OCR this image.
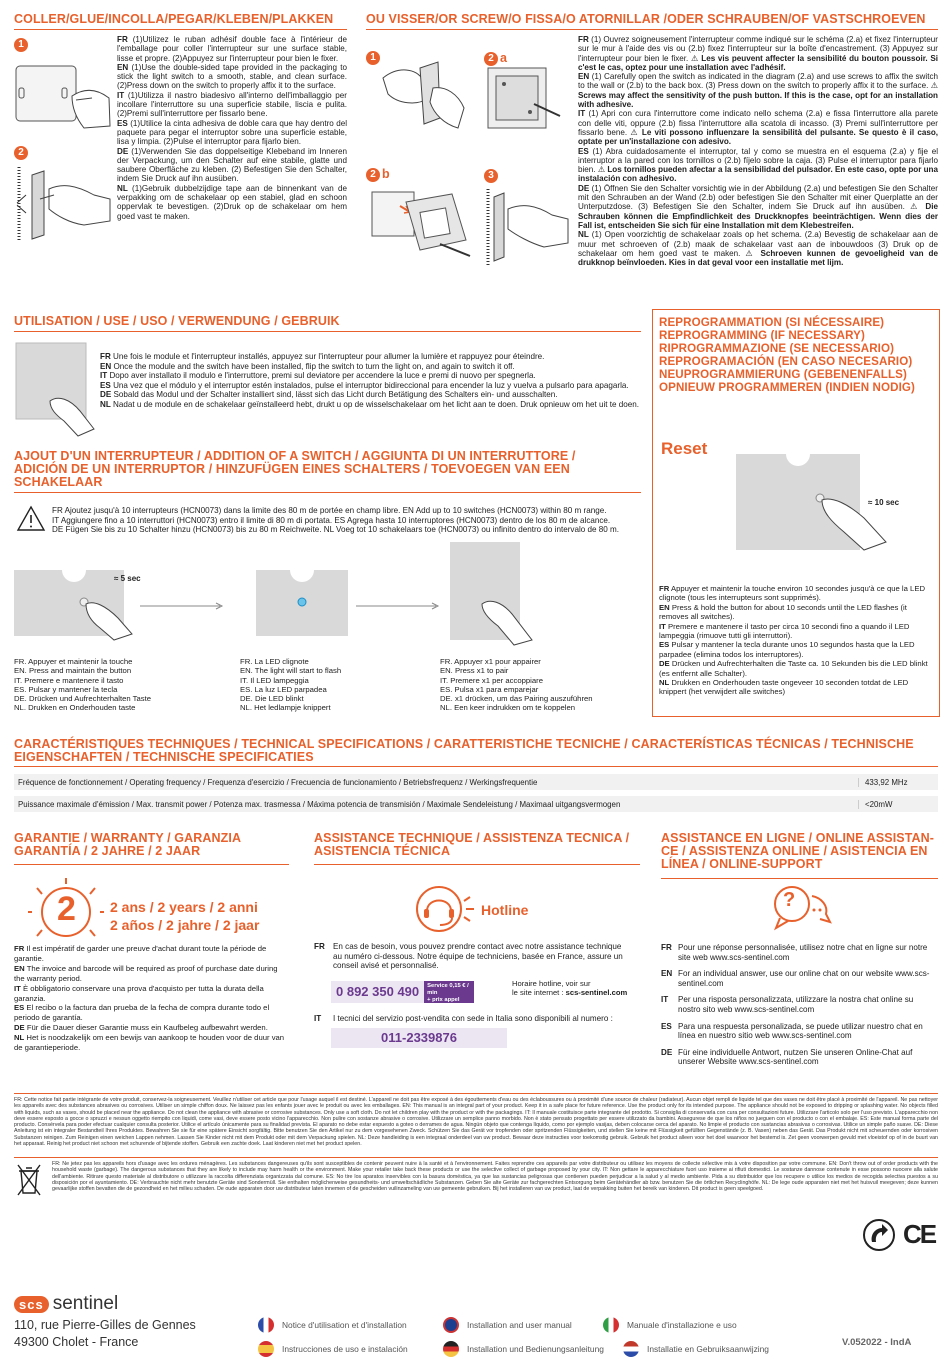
COLLER/GLUE/INCOLLA/PEGAR/KLEBEN/PLAKKEN
1
2
FR (1)Utilizez le ruban adhésif double face à l'intérieur de l'emballage pour coller l'interrupteur sur une surface stable, lisse et propre. (2)Appuyez sur l'interrupteur pour bien le fixer.
EN (1)Use the double-sided tape provided in the packaging to stick the light switch to a smooth, stable, and clean surface. (2)Press down on the switch to properly affix it to the surface.
IT (1)Utilizza il nastro biadesivo all'interno dell'imballaggio per incollare l'interruttore su una superficie stabile, liscia e pulita. (2)Premi sull'interruttore per fissarlo bene.
ES (1)Utilice la cinta adhesiva de doble cara que hay dentro del paquete para pegar el interruptor sobre una superficie estable, lisa y limpia. (2)Pulse el interruptor para fijarlo bien.
DE (1)Verwenden Sie das doppelseitige Klebeband im Inneren der Verpackung, um den Schalter auf eine stabile, glatte und saubere Oberfläche zu kleben. (2) Befestigen Sie den Schalter, indem Sie Druck auf ihn ausüben.
NL (1)Gebruik dubbelzijdige tape aan de binnenkant van de verpakking om de schakelaar op een stabiel, glad en schoon oppervlak te bevestigen. (2)Druk op de schakelaar om hem goed vast te maken.
OU VISSER/OR SCREW/O FISSA/O ATORNILLAR /ODER SCHRAUBEN/OF VASTSCHROEVEN
1	2 a
2 b	3
FR (1) Ouvrez soigneusement l'interrupteur comme indiqué sur le schéma (2.a) et fixez l'interrupteur sur le mur à l'aide des vis ou (2.b) fixez l'interrupteur sur la boîte d'encastrement. (3) Appuyez sur l'interrupteur pour bien le fixer. ⚠ Les vis peuvent affecter la sensibilité du bouton poussoir. Si c'est le cas, optez pour une installation avec l'adhésif.
EN (1) Carefully open the switch as indicated in the diagram (2.a) and use screws to affix the switch to the wall or (2.b) to the back box. (3) Press down on the switch to properly affix it to the surface. ⚠ Screws may affect the sensitivity of the push button. If this is the case, opt for an installation with adhesive.
IT (1) Apri con cura l'interruttore come indicato nello schema (2.a) e fissa l'interruttore alla parete con delle viti, oppure (2.b) fissa l'interruttore alla scatola di incasso. (3) Premi sull'interruttore per fissarlo bene. ⚠ Le viti possono influenzare la sensibilità del pulsante. Se questo è il caso, optate per un'installazione con adesivo.
ES (1) Abra cuidadosamente el interruptor, tal y como se muestra en el esquema (2.a) y fije el interruptor a la pared con los tornillos o (2.b) fíjelo sobre la caja. (3) Pulse el interruptor para fijarlo bien. ⚠ Los tornillos pueden afectar a la sensibilidad del pulsador. En este caso, opte por una instalación con adhesivo.
DE (1) Öffnen Sie den Schalter vorsichtig wie in der Abbildung (2.a) und befestigen Sie den Schalter mit den Schrauben an der Wand (2.b) oder befestigen Sie den Schalter mit einer Querplatte an der Unterputzdose. (3) Befestigen Sie den Schalter, indem Sie Druck auf ihn ausüben. ⚠ Die Schrauben können die Empfindlichkeit des Druckknopfes beeinträchtigen. Wenn dies der Fall ist, entscheiden Sie sich für eine Installation mit dem Klebestreifen.
NL (1) Open voorzichtig de schakelaar zoals op het schema. (2.a) Bevestig de schakelaar aan de muur met schroeven of (2.b) maak de schakelaar vast aan de inbouwdoos (3) Druk op de schakelaar om hem goed vast te maken. ⚠ Schroeven kunnen de gevoeligheid van de drukknop beïnvloeden. Kies in dat geval voor een installatie met lijm.
UTILISATION / USE / USO / VERWENDUNG / GEBRUIK
FR Une fois le module et l'interrupteur installés, appuyez sur l'interrupteur pour allumer la lumière et rappuyez pour éteindre.
EN Once the module and the switch have been installed, flip the switch to turn the light on, and again to switch it off.
IT Dopo aver installato il modulo e l'interruttore, premi sul deviatore per accendere la luce e premi di nuovo per spegnerla.
ES Una vez que el módulo y el interruptor estén instalados, pulse el interruptor bidireccional para encender la luz y vuelva a pulsarlo para apagarla.
DE Sobald das Modul und der Schalter installiert sind, lässt sich das Licht durch Betätigung des Schalters ein- und ausschalten.
NL Nadat u de module en de schakelaar geïnstalleerd hebt, drukt u op de wisselschakelaar om het licht aan te doen. Druk opnieuw om het uit te doen.
AJOUT D'UN INTERRUPTEUR / ADDITION OF A SWITCH / AGGIUNTA DI UN INTERRUTTORE / ADICIÓN DE UN INTERRUPTOR / HINZUFÜGEN EINES SCHALTERS / TOEVOEGEN VAN EEN SCHAKELAAR
FR Ajoutez jusqu'à 10 interrupteurs (HCN0073) dans la limite des 80 m de portée en champ libre. EN Add up to 10 switches (HCN0073) within 80 m range.
IT Aggiungere fino a 10 interruttori (HCN0073) entro il limite di 80 m di portata. ES Agrega hasta 10 interruptores (HCN0073) dentro de los 80 m de alcance.
DE Fügen Sie bis zu 10 Schalter hinzu (HCN0073) bis zu 80 m Reichweite. NL Voeg tot 10 schakelaars toe (HCN0073) ou infinito dentro do intervalo de 80 m.
≈ 5 sec
FR. Appuyer et maintenir la touche
EN. Press and maintain the button
IT. Premere e mantenere il tasto
ES. Pulsar y mantener la tecla
DE. Drücken und Aufrechterhalten Taste
NL. Drukken en Onderhouden taste
FR. La LED clignote
EN. The light will start to flash
IT. Il LED lampeggia
ES. La luz LED parpadea
DE. Die LED blinkt
NL. Het ledlampje knippert
FR. Appuyer x1 pour appairer
EN. Press x1 to pair
IT. Premere x1 per accoppiare
ES. Pulsa x1 para emparejar
DE. x1 drücken, um das Pairing auszuführen
NL. Een keer indrukken om te koppelen
REPROGRAMMATION (SI NÉCESSAIRE)
REPROGRAMMING (IF NECESSARY)
RIPROGRAMMAZIONE (SE NECESSARIO)
REPROGRAMACIÓN (EN CASO NECESARIO)
NEUPROGRAMMIERUNG (GEBENENFALLS)
OPNIEUW PROGRAMMEREN (INDIEN NODIG)
Reset
≈ 10 sec
FR Appuyer et maintenir la touche environ 10 secondes jusqu'à ce que la LED clignote (tous les interrupteurs sont supprimés).
EN Press & hold the button for about 10 seconds until the LED flashes (it removes all switches).
IT Premere e mantenere il tasto per circa 10 secondi fino a quando il LED lampeggia (rimuove tutti gli interruttori).
ES Pulsar y mantener la tecla durante unos 10 segundos hasta que la LED parpadee (elimina todos los interruptores).
DE Drücken und Aufrechterhalten die Taste ca. 10 Sekunden bis die LED blinkt (es entfernt alle Schalter).
NL Drukken en Onderhouden taste ongeveer 10 seconden totdat de LED knippert (het verwijdert alle switches)
CARACTÉRISTIQUES TECHNIQUES / TECHNICAL SPECIFICATIONS / CARATTERISTICHE TECNICHE / CARACTERÍSTICAS TÉCNICAS / TECHNISCHE
EIGENSCHAFTEN / TECHNISCHE SPECIFICATIES
Fréquence de fonctionnement / Operating frequency / Frequenza d'esercizio / Frecuencia de funcionamiento / Betriebsfrequenz / Werkingsfrequentie	433,92 MHz
Puissance maximale d'émission / Max. transmit power / Potenza max. trasmessa / Máxima potencia de transmisión / Maximale Sendeleistung / Maximaal uitgangsvermogen	<20mW
GARANTIE / WARRANTY / GARANZIA
GARANTÍA / 2 JAHRE / 2 JAAR
2 2 ans / 2 years / 2 anni
2 años / 2 jahre / 2 jaar
FR Il est impératif de garder une preuve d'achat durant toute la période de garantie.
EN The invoice and barcode will be required as proof of purchase date during the warranty period.
IT È obbligatorio conservare una prova d'acquisto per tutta la durata della garanzia.
ES El recibo o la factura dan prueba de la fecha de compra durante todo el periodo de garantía.
DE Für die Dauer dieser Garantie muss ein Kaufbeleg aufbewahrt werden.
NL Het is noodzakelijk om een bewijs van aankoop te houden voor de duur van de garantieperiode.
ASSISTANCE TECHNIQUE / ASSISTENZA TECNICA /
ASISTENCIA TÉCNICA
Hotline
FR	En cas de besoin, vous pouvez prendre contact avec notre assistance technique au numéro ci-dessous. Notre équipe de techniciens, basée en France, assure un conseil avisé et personnalisé.
0 892 350 490	Service 0,15 € / min
+ prix appel
Horaire hotline, voir sur
le site internet : scs-sentinel.com
IT	I tecnici del servizio post-vendita con sede in Italia sono disponibili al numero :
011-2339876
ASSISTANCE EN LIGNE / ONLINE ASSISTAN-
CE / ASSISTENZA ONLINE / ASISTENCIA EN
LÍNEA / ONLINE-SUPPORT
?
FR Pour une réponse personnalisée, utilisez notre chat en ligne sur notre site web www.scs-sentinel.com
EN For an individual answer, use our online chat on our website www.scs-sentinel.com
IT	Per una risposta personalizzata, utilizzare la nostra chat online su nostro sito web www.scs-sentinel.com
ES Para una respuesta personalizada, se puede utilizar nuestro chat en línea en nuestro sitio web www.scs-sentinel.com
DE Für eine individuelle Antwort, nutzen Sie unseren Online-Chat auf unserer Website www.scs-sentinel.com
FR: Cette notice fait partie intégrante de votre produit, conservez-la soigneusement. Veuillez n'utiliser cet article que pour l'usage auquel il est destiné. L'appareil ne doit pas être exposé à des égouttements d'eau ou des éclaboussures ou à proximité d'une source de chaleur (radiateur). Aucun objet rempli de liquide tel que des vases ne doit être placé à proximité de l'appareil. Ne pas nettoyer les appareils avec des substances abrasives ou corrosives. Utiliser un simple chiffon doux. Ne laissez pas les enfants jouer avec le produit ou avec les emballages. EN: This manual is an integral part of your product. Keep it in a safe place for future reference. Use the product only for its intended purpose. The appliance should not be exposed to dripping or splashing water. No objects filled with liquids, such as vases, should be placed near the appliance. Do not clean the appliance with abrasive or corrosive substances. Only use a soft cloth. Do not let children play with the product or with the packagings. IT: Il manuale costituisce parte integrante del prodotto. Si consiglia di conservarla con cura per consultazioni future. Utilizzare l'articolo solo per l'uso previsto. L'apparecchio non deve essere esposto a gocce o spruzzi e nessun oggetto riempito con liquidi, come vasi, deve essere posto vicino l'apparecchio. Non pulire con sostanze abrasive o corrosive. Utilizzare un semplice panno morbido. Non è stato pensato progettato per essere utilizzato da bambini. Assegurese de que los niños no jueguen con el producto o con el embalaje. ES: Este manual forma parte del producto. Consérvela para poder efectuar cualquier consulta posterior. Utilice el artículo únicamente para su finalidad prevista. El aparato no debe estar expuesto a goteo o derrames de agua. Ningún objeto que contenga líquido, como por ejemplo vasijas, deben colocarse cerca del aparato. No limpie el producto con sustancias abrasivas o corrosivas. Utilice un simple paño suave. DE: Diese Anleitung ist ein integraler Bestandteil Ihres Produktes. Bewahren Sie sie für eine spätere Einsicht sorgfältig. Bitte benutzen Sie den Artikel nur zu dem vorgesehenen Zweck. Schützen Sie das Gerät vor tropfenden oder spritzenden Flüssigkeiten, und stellen Sie keine mit Flüssigkeit gefüllten Gegenstände (z. B. Vasen) neben das Gerät. Das Produkt nicht mit scheuernden oder korrosiven Substanzen reinigen. Zum Reinigen einen weichen Lappen nehmen. Lassen Sie Kinder nicht mit dem Produkt oder mit dem Verpackung spielen. NL: Deze handleiding is een integraal onderdeel van uw product. Bewaar deze instructies voor toekomstig gebruik. Gebruik het product alleen voor het doel waarvoor het bestemd is. Zet geen voorwerpen gevuld met vloeistof op of in de buurt van het apparaat. Reinig het product niet schoon met schurende of bijtende stoffen. Gebruik een zachte doek. Laat kinderen niet met het product spelen.
FR: Ne jetez pas les appareils hors d'usage avec les ordures ménagères. Les substances dangereuses qu'ils sont susceptibles de contenir peuvent nuire à la santé et à l'environnement. Faites reprendre ces appareils par votre distributeur ou utilisez les moyens de collecte sélective mis à votre disposition par votre commune. EN: Don't throw out of order products with the household waste (garbage). The dangerous substances that they are likely to include may harm health or the environment. Make your retailer take back these products or use the selective collect of garbage proposed by your city. IT: Non gettare le apparecchiature fuori uso insieme ai rifiuti domestici. Le sostanze dannose contenute in esse possono nuocere alla salute dell'ambiente. Ritirare questo materiale al distributore o utilizzare la raccolta differenziata organizzata dal comune. ES: No tire los aparatos inservibles con la basura doméstica, ya que las sustancias peligrosas que contienen pueden perjudicar a la salud y al medio ambiente. Pida a su distribuidor que los recupere o utilice los medios de recogida selectiva puestos a su disposición por el ayuntamiento. DE: Verbrauchte nicht mehr benutzte Geräte sind Sondermüll. Sie enthalten möglicherweise gesundheits- und umweltschädliche Substanzen. Geben Sie alte Geräte zur fachgerechten Entsorgung beim Gerätehändler ab bzw. benutzen Sie die örtlichen Recyclinghöfe. NL: De lege oude apparaten niet met het huisvuil meegeven; deze kunnen gevaarlijke stoffen bevatten die de gezondheid en het milieu schaden. De oude apparaten door uw distributeur laten innemen of de gescheiden vuilinzameling van uw gemeente gebruiken. Bij het installeren van uw product, laat de verpakking buiten het bereik van kinderen. Dit product is geen speelgoed.
CE
scs sentinel
110, rue Pierre-Gilles de Gennes
49300 Cholet - France
Notice d'utilisation et d'installation	Installation and user manual	Manuale d'installazione e uso
Instrucciones de uso e instalación	Installation und Bedienungsanleitung	Installatie en Gebruiksaanwijzing
V.052022 - IndA
